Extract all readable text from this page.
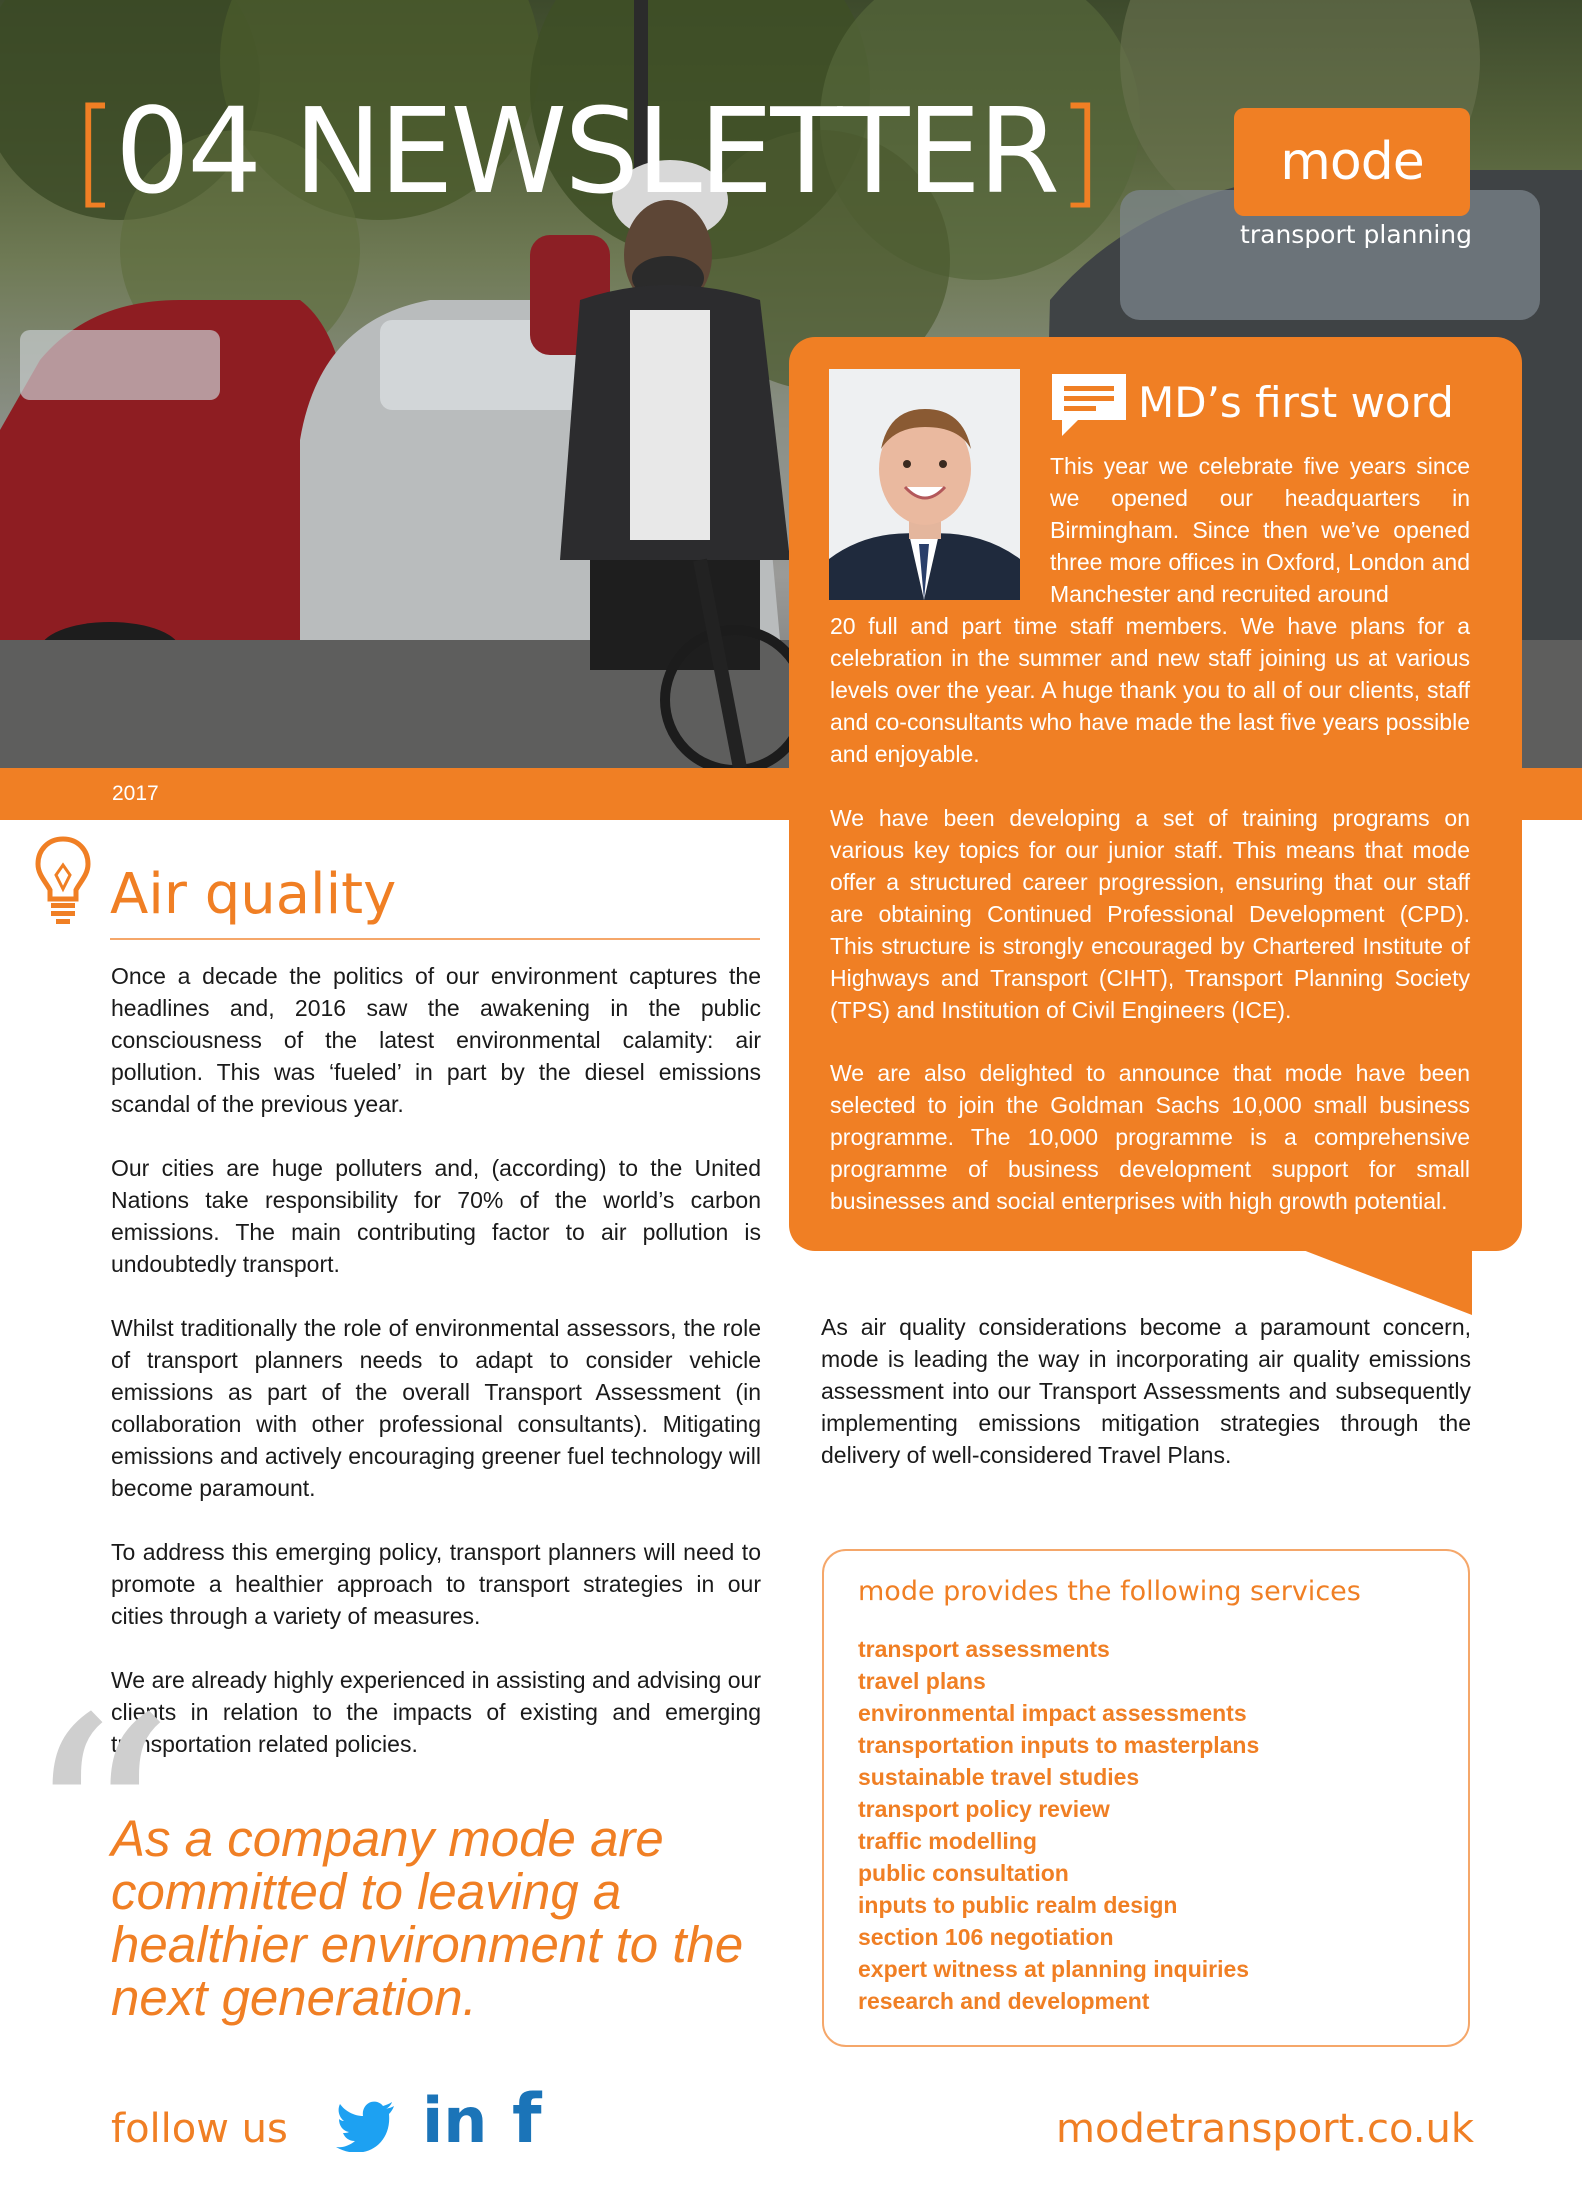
[04 NEWSLETTER]	mode
transport planning
2017
MD’s first word

This year we celebrate five years since we opened our headquarters in Birmingham. Since then we’ve opened three more offices in Oxford, London and Manchester and recruited around

20 full and part time staff members. We have plans for a celebration in the summer and new staff joining us at various levels over the year. A huge thank you to all of our clients, staff and co-consultants who have made the last five years possible and enjoyable.

We have been developing a set of training programs on various key topics for our junior staff. This means that mode offer a structured career progression, ensuring that our staff are obtaining Continued Professional Development (CPD). This structure is strongly encouraged by Chartered Institute of Highways and Transport (CIHT), Transport Planning Society (TPS) and Institution of Civil Engineers (ICE).

We are also delighted to announce that mode have been selected to join the Goldman Sachs 10,000 small business programme. The 10,000 programme is a comprehensive programme of business development support for small businesses and social enterprises with high growth potential.

Air quality

Once a decade the politics of our environment captures the headlines and, 2016 saw the awakening in the public consciousness of the latest environmental calamity: air pollution. This was ‘fueled’ in part by the diesel emissions scandal of the previous year.

Our cities are huge polluters and, (according) to the United Nations take responsibility for 70% of the world’s carbon emissions. The main contributing factor to air pollution is undoubtedly transport.

Whilst traditionally the role of environmental assessors, the role of transport planners needs to adapt to consider vehicle emissions as part of the overall Transport Assessment (in collaboration with other professional consultants). Mitigating emissions and actively encouraging greener fuel technology will become paramount.

To address this emerging policy, transport planners will need to promote a healthier approach to transport strategies in our cities through a variety of measures.

We are already highly experienced in assisting and advising our clients in relation to the impacts of existing and emerging transportation related policies.

As air quality considerations become a paramount concern, mode is leading the way in incorporating air quality emissions assessment into our Transport Assessments and subsequently implementing emissions mitigation strategies through the delivery of well-considered Travel Plans.

“

As a company mode are committed to leaving a healthier environment to the next generation.

mode provides the following services
transport assessments
travel plans
environmental impact assessments
transportation inputs to masterplans
sustainable travel studies
transport policy review
traffic modelling
public consultation
inputs to public realm design
section 106 negotiation
expert witness at planning inquiries
research and development
follow us in f	modetransport.co.uk
